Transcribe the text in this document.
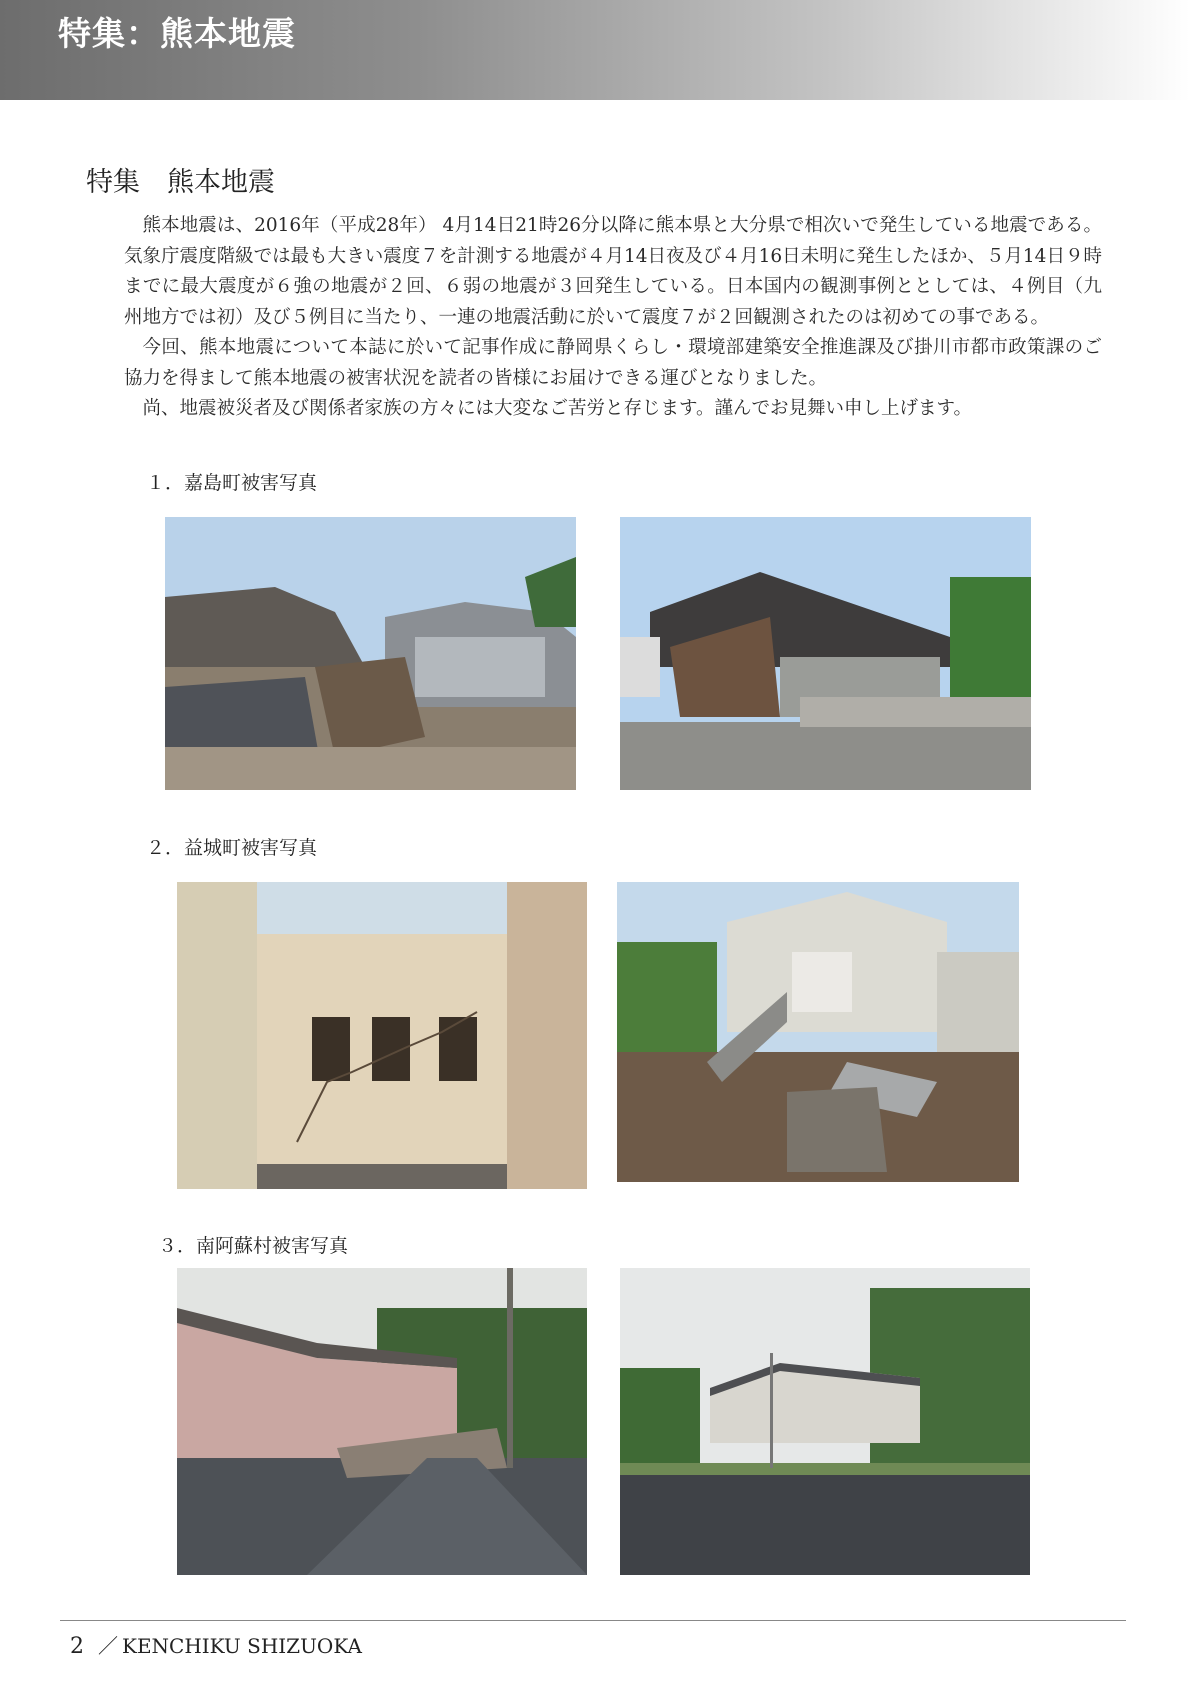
特集：熊本地震
特集　熊本地震

熊本地震は、2016年（平成28年） 4月14日21時26分以降に熊本県と大分県で相次いで発生している地震である。気象庁震度階級では最も大きい震度７を計測する地震が４月14日夜及び４月16日未明に発生したほか、５月14日９時までに最大震度が６強の地震が２回、６弱の地震が３回発生している。日本国内の観測事例ととしては、４例目（九州地方では初）及び５例目に当たり、一連の地震活動に於いて震度７が２回観測されたのは初めての事である。

今回、熊本地震について本誌に於いて記事作成に静岡県くらし・環境部建築安全推進課及び掛川市都市政策課のご協力を得まして熊本地震の被害状況を読者の皆様にお届けできる運びとなりました。

尚、地震被災者及び関係者家族の方々には大変なご苦労と存じます。謹んでお見舞い申し上げます。

１．嘉島町被害写真
２．益城町被害写真
３．南阿蘇村被害写真
2 ／ KENCHIKU SHIZUOKA
